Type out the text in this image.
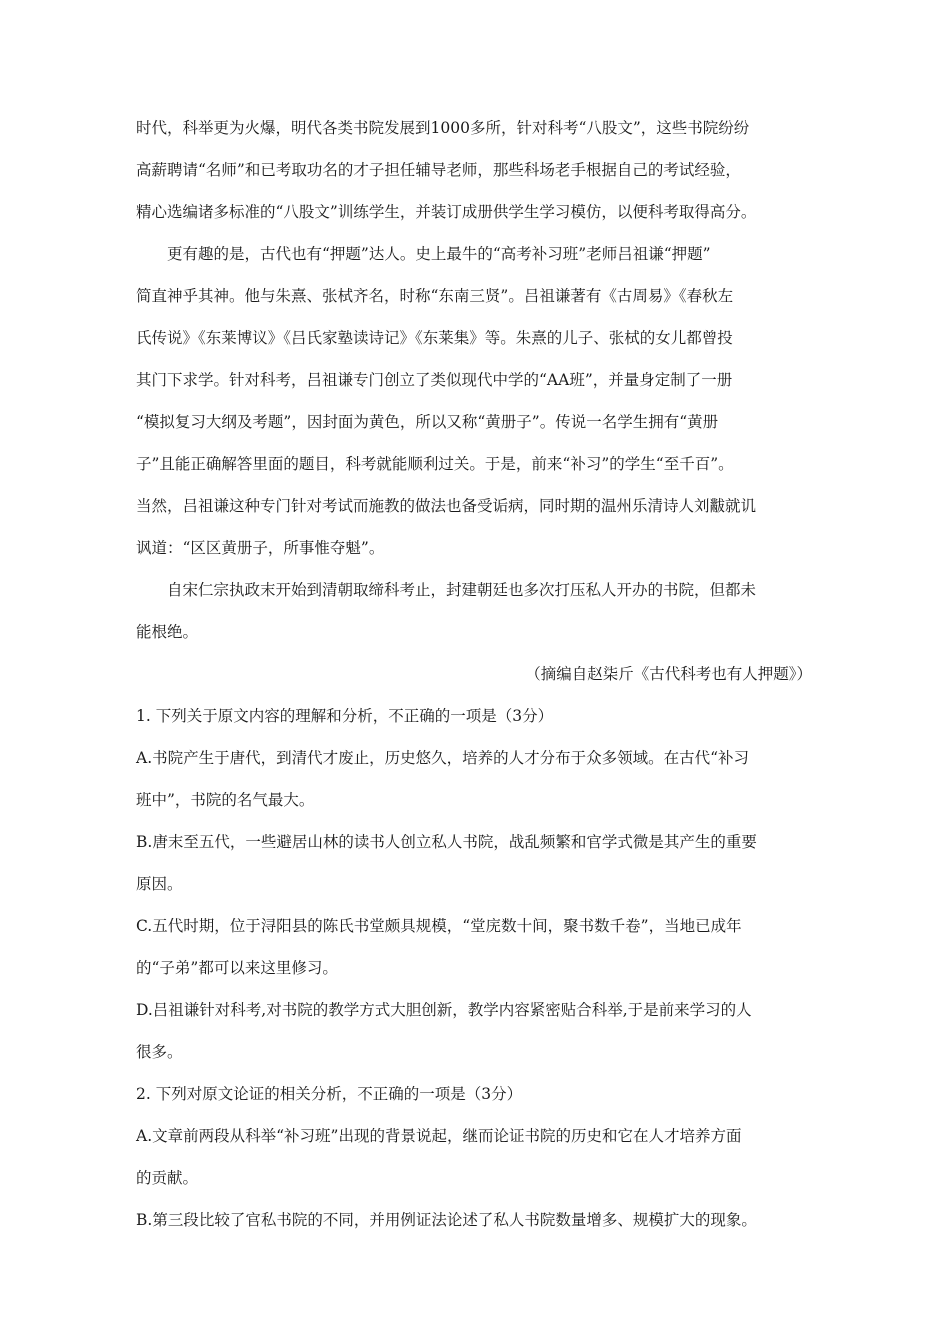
时代，科举更为火爆，明代各类书院发展到1000多所，针对科考“八股文”，这些书院纷纷

高薪聘请“名师”和已考取功名的才子担任辅导老师，那些科场老手根据自己的考试经验，

精心选编诸多标准的“八股文”训练学生，并装订成册供学生学习模仿，以便科考取得高分。

更有趣的是，古代也有“押题”达人。史上最牛的“高考补习班”老师吕祖谦“押题”

简直神乎其神。他与朱熹、张栻齐名，时称“东南三贤”。吕祖谦著有《古周易》《春秋左

氏传说》《东莱博议》《吕氏家塾读诗记》《东莱集》等。朱熹的儿子、张栻的女儿都曾投

其门下求学。针对科考，吕祖谦专门创立了类似现代中学的“AA班”，并量身定制了一册

“模拟复习大纲及考题”，因封面为黄色，所以又称“黄册子”。传说一名学生拥有“黄册

子”且能正确解答里面的题目，科考就能顺利过关。于是，前来“补习”的学生“至千百”。

当然，吕祖谦这种专门针对考试而施教的做法也备受诟病，同时期的温州乐清诗人刘黻就讥

讽道：“区区黄册子，所事惟夺魁”。

自宋仁宗执政末开始到清朝取缔科考止，封建朝廷也多次打压私人开办的书院，但都未

能根绝。

（摘编自赵柒斤《古代科考也有人押题》）

1. 下列关于原文内容的理解和分析，不正确的一项是（3分）

A.书院产生于唐代，到清代才废止，历史悠久，培养的人才分布于众多领域。在古代“补习

班中”，书院的名气最大。

B.唐末至五代，一些避居山林的读书人创立私人书院，战乱频繁和官学式微是其产生的重要

原因。

C.五代时期，位于浔阳县的陈氏书堂颇具规模，“堂庑数十间，聚书数千卷”，当地已成年

的“子弟”都可以来这里修习。

D.吕祖谦针对科考,对书院的教学方式大胆创新，教学内容紧密贴合科举,于是前来学习的人

很多。

2. 下列对原文论证的相关分析，不正确的一项是（3分）

A.文章前两段从科举“补习班”出现的背景说起，继而论证书院的历史和它在人才培养方面

的贡献。

B.第三段比较了官私书院的不同，并用例证法论述了私人书院数量增多、规模扩大的现象。
